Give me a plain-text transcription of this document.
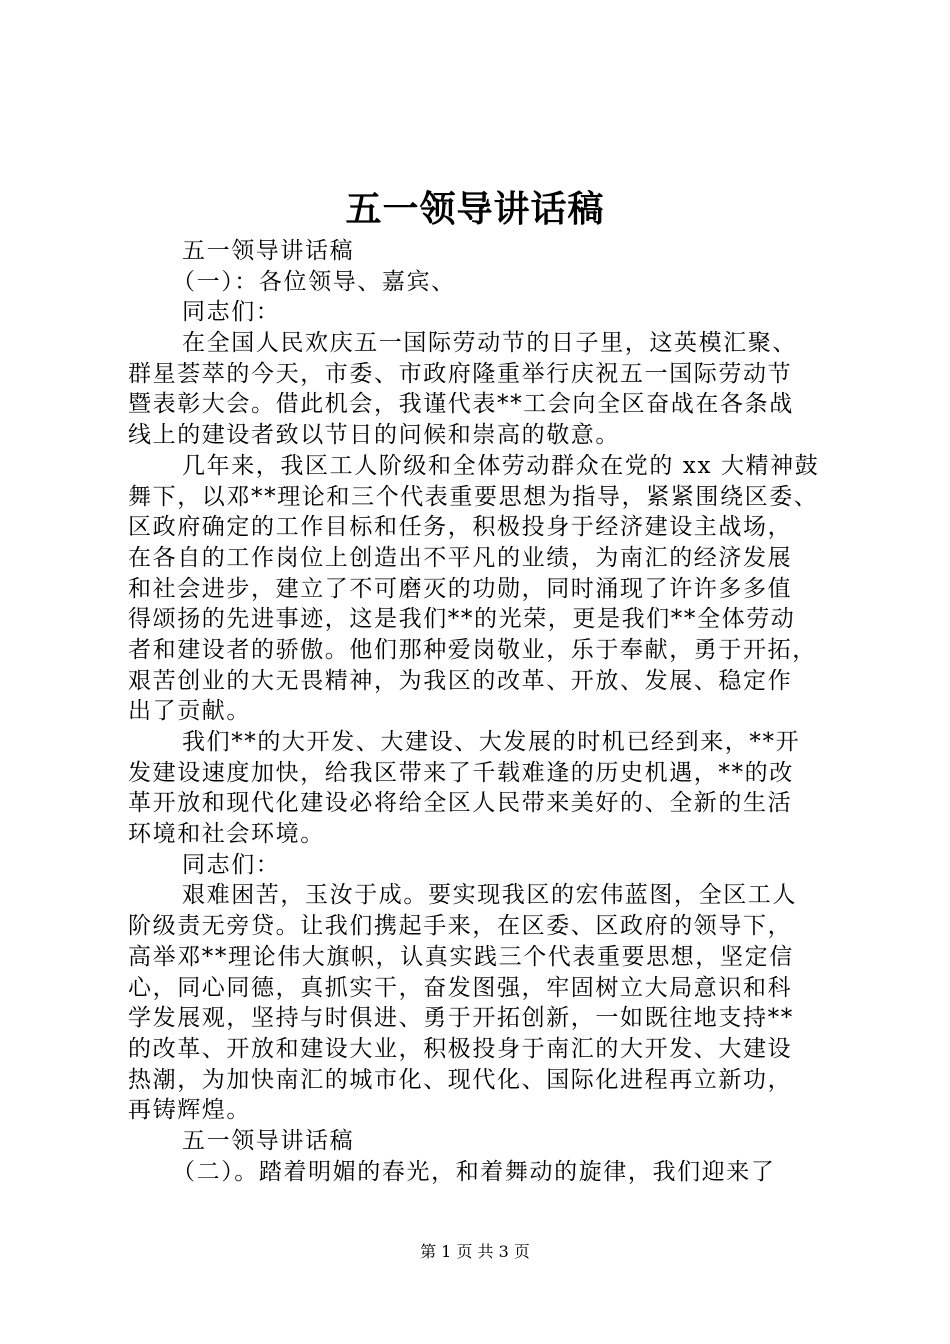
五一领导讲话稿
五一领导讲话稿
（一）：各位领导、嘉宾、
同志们：
在全国人民欢庆五一国际劳动节的日子里，这英模汇聚、
群星荟萃的今天，市委、市政府隆重举行庆祝五一国际劳动节
暨表彰大会。借此机会，我谨代表**工会向全区奋战在各条战
线上的建设者致以节日的问候和崇高的敬意。
几年来，我区工人阶级和全体劳动群众在党的 xx 大精神鼓
舞下，以邓**理论和三个代表重要思想为指导，紧紧围绕区委、
区政府确定的工作目标和任务，积极投身于经济建设主战场，
在各自的工作岗位上创造出不平凡的业绩，为南汇的经济发展
和社会进步，建立了不可磨灭的功勋，同时涌现了许许多多值
得颂扬的先进事迹，这是我们**的光荣，更是我们**全体劳动
者和建设者的骄傲。他们那种爱岗敬业，乐于奉献，勇于开拓，
艰苦创业的大无畏精神，为我区的改革、开放、发展、稳定作
出了贡献。
我们**的大开发、大建设、大发展的时机已经到来，**开
发建设速度加快，给我区带来了千载难逢的历史机遇，**的改
革开放和现代化建设必将给全区人民带来美好的、全新的生活
环境和社会环境。
同志们：
艰难困苦，玉汝于成。要实现我区的宏伟蓝图，全区工人
阶级责无旁贷。让我们携起手来，在区委、区政府的领导下，
高举邓**理论伟大旗帜，认真实践三个代表重要思想，坚定信
心，同心同德，真抓实干，奋发图强，牢固树立大局意识和科
学发展观，坚持与时俱进、勇于开拓创新，一如既往地支持**
的改革、开放和建设大业，积极投身于南汇的大开发、大建设
热潮，为加快南汇的城市化、现代化、国际化进程再立新功，
再铸辉煌。
五一领导讲话稿
（二）。踏着明媚的春光，和着舞动的旋律，我们迎来了
第 1 页 共 3 页
